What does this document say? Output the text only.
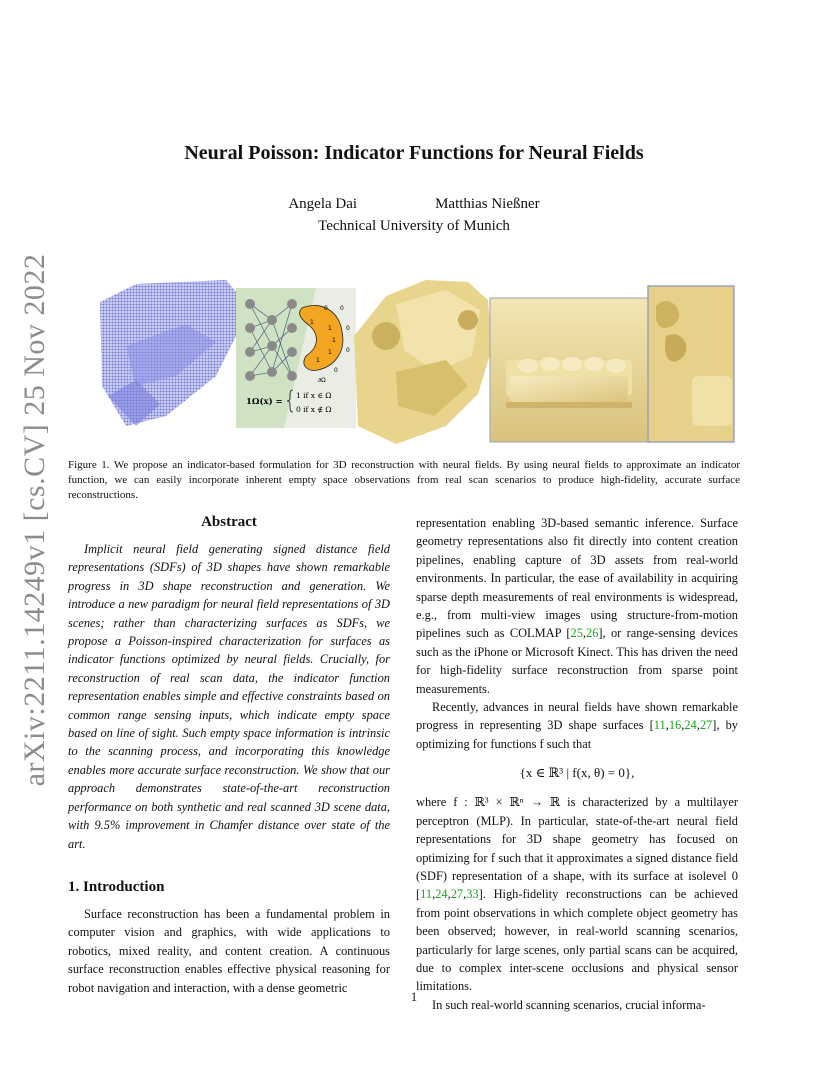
arXiv:2211.14249v1 [cs.CV] 25 Nov 2022
Neural Poisson: Indicator Functions for Neural Fields
Angela Dai	Matthias Nießner
Technical University of Munich
0 0
0
0
0
1
1
1
1
1
∂Ω
𝟏Ω(x) =
1 if x ∈ Ω
0 if x ∉ Ω
Figure 1. We propose an indicator-based formulation for 3D reconstruction with neural fields. By using neural fields to approximate an indicator function, we can easily incorporate inherent empty space observations from real scan scenarios to produce high-fidelity, accurate surface reconstructions.
Abstract

Implicit neural field generating signed distance field representations (SDFs) of 3D shapes have shown remarkable progress in 3D shape reconstruction and generation. We introduce a new paradigm for neural field representations of 3D scenes; rather than characterizing surfaces as SDFs, we propose a Poisson-inspired characterization for surfaces as indicator functions optimized by neural fields. Crucially, for reconstruction of real scan data, the indicator function representation enables simple and effective constraints based on common range sensing inputs, which indicate empty space based on line of sight. Such empty space information is intrinsic to the scanning process, and incorporating this knowledge enables more accurate surface reconstruction. We show that our approach demonstrates state-of-the-art reconstruction performance on both synthetic and real scanned 3D scene data, with 9.5% improvement in Chamfer distance over state of the art.

1. Introduction

Surface reconstruction has been a fundamental problem in computer vision and graphics, with wide applications to robotics, mixed reality, and content creation. A continuous surface reconstruction enables effective physical reasoning for robot navigation and interaction, with a dense geometric

representation enabling 3D-based semantic inference. Surface geometry representations also fit directly into content creation pipelines, enabling capture of 3D assets from real-world environments. In particular, the ease of availability in acquiring sparse depth measurements of real environments is widespread, e.g., from multi-view images using structure-from-motion pipelines such as COLMAP [25,26], or range-sensing devices such as the iPhone or Microsoft Kinect. This has driven the need for high-fidelity surface reconstruction from sparse point measurements.

Recently, advances in neural fields have shown remarkable progress in representing 3D shape surfaces [11,16,24,27], by optimizing for functions f such that

{x ∈ ℝ³ | f(x, θ) = 0},

where f : ℝ³ × ℝⁿ → ℝ is characterized by a multilayer perceptron (MLP). In particular, state-of-the-art neural field representations for 3D shape geometry has focused on optimizing for f such that it approximates a signed distance field (SDF) representation of a shape, with its surface at isolevel 0 [11,24,27,33]. High-fidelity reconstructions can be achieved from point observations in which complete object geometry has been observed; however, in real-world scanning scenarios, particularly for large scenes, only partial scans can be acquired, due to complex inter-scene occlusions and physical sensor limitations.

In such real-world scanning scenarios, crucial informa-

1
